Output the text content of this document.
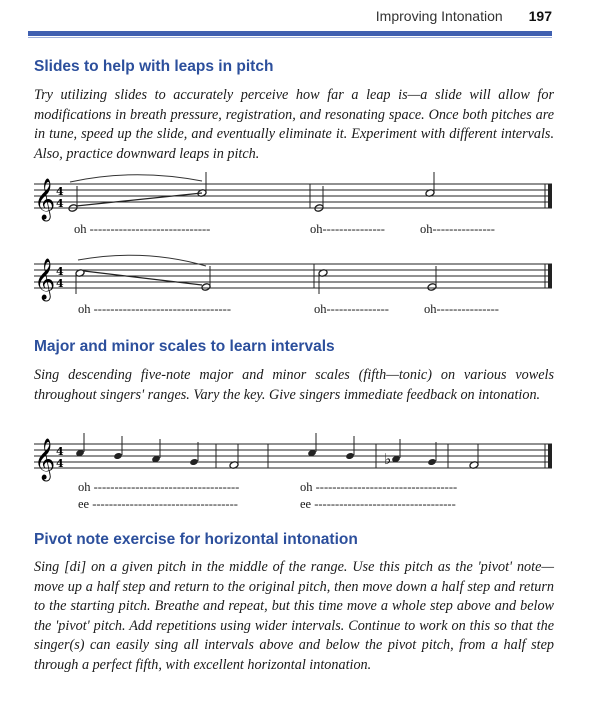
Improving Intonation 197
Slides to help with leaps in pitch

Try utilizing slides to accurately perceive how far a leap is—a slide will allow for modifications in breath pressure, registration, and resonating space. Once both pitches are in tune, speed up the slide, and eventually eliminate it. Experiment with different intervals. Also, practice downward leaps in pitch.

𝄞 4
4
oh -----------------------------	oh---------------	oh---------------
𝄞 4
4
oh ---------------------------------	oh---------------	oh---------------
Major and minor scales to learn intervals

Sing descending five-note major and minor scales (fifth—tonic) on various vowels throughout singers' ranges. Vary the key. Give singers immediate feedback on intonation.

𝄞 4
4	♭
oh -----------------------------------	oh ----------------------------------
ee -----------------------------------	ee ----------------------------------
Pivot note exercise for horizontal intonation

Sing [di] on a given pitch in the middle of the range. Use this pitch as the 'pivot' note—move up a half step and return to the original pitch, then move down a half step and return to the starting pitch. Breathe and repeat, but this time move a whole step above and below the 'pivot' pitch. Add repetitions using wider intervals. Continue to work on this so that the singer(s) can easily sing all intervals above and below the pivot pitch, from a half step through a perfect fifth, with excellent horizontal intonation.
